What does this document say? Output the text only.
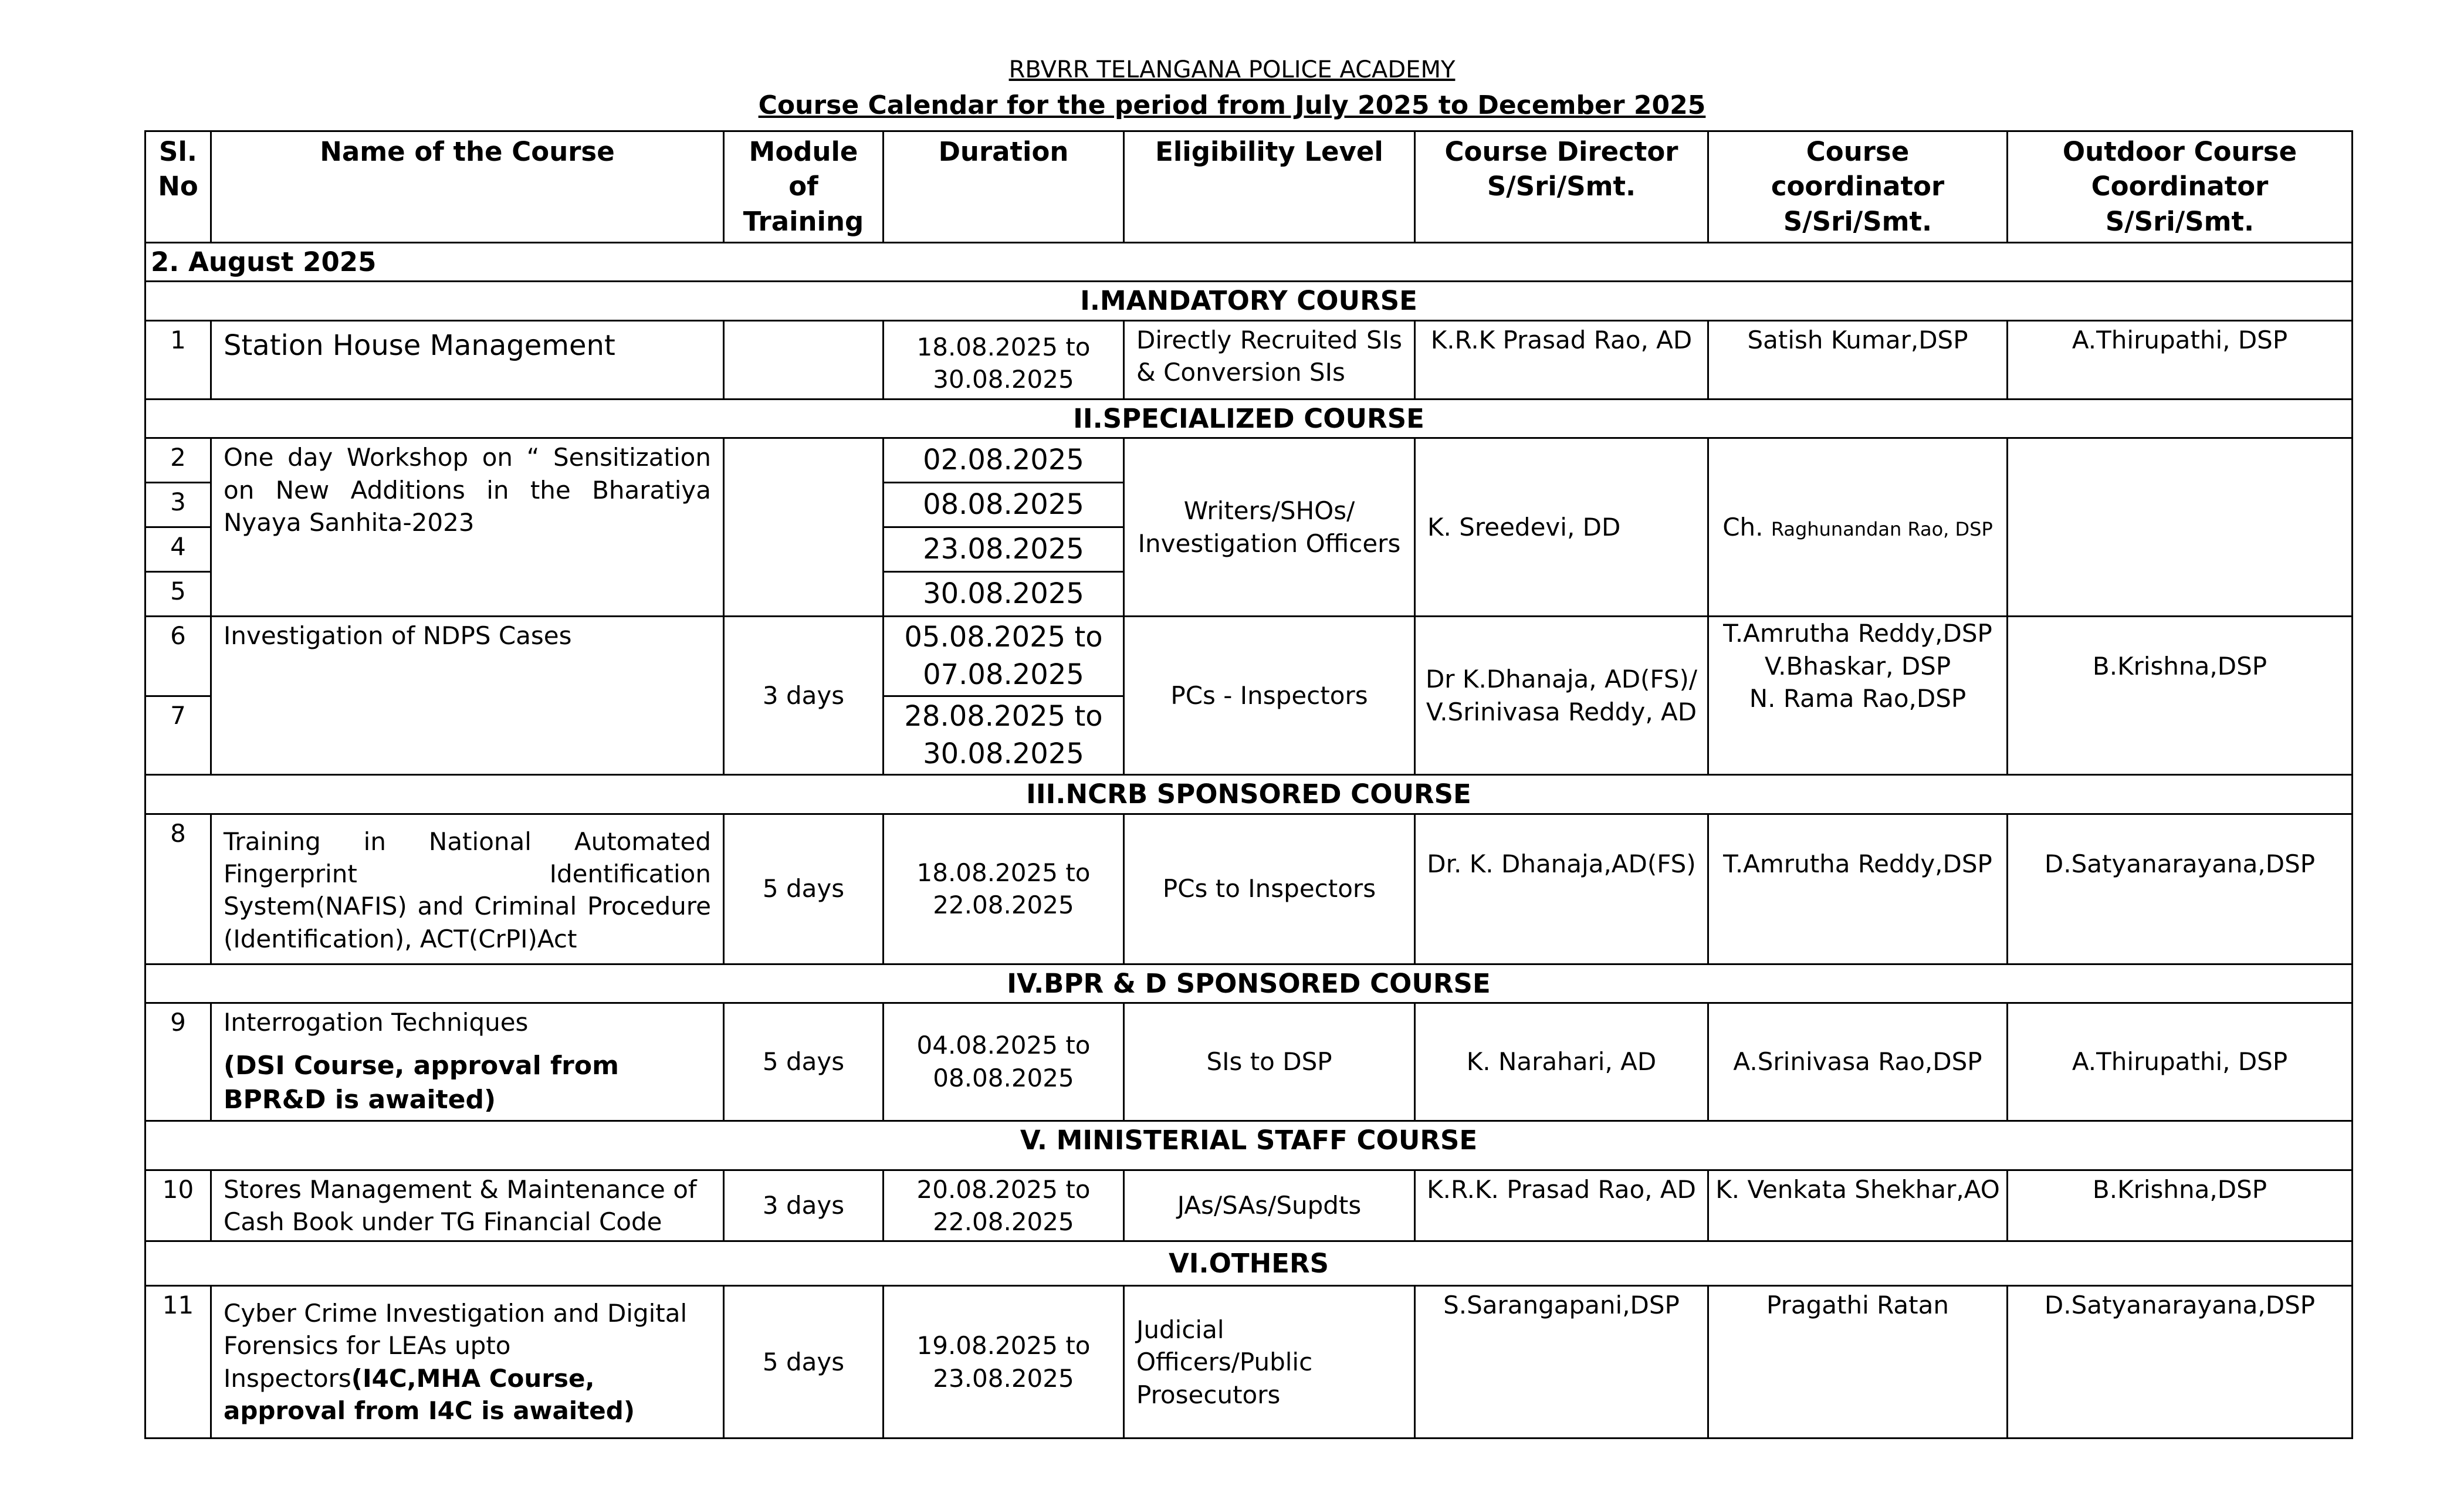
RBVRR TELANGANA POLICE ACADEMY
Course Calendar for the period from July 2025 to December 2025
Sl. No	Name of the Course	Module of Training	Duration	Eligibility Level	Course Director S/Sri/Smt.	Course coordinator S/Sri/Smt.	Outdoor Course Coordinator S/Sri/Smt.
2. August 2025							
I.MANDATORY COURSE							
1	Station House Management		18.08.2025 to 30.08.2025	Directly Recruited SIs & Conversion SIs	K.R.K Prasad Rao, AD	Satish Kumar,DSP	A.Thirupathi, DSP
II.SPECIALIZED COURSE							
2	One day Workshop on “ Sensitization on New Additions in the Bharatiya Nyaya Sanhita-2023		02.08.2025	Writers/SHOs/ Investigation Officers	K. Sreedevi, DD	Ch. Raghunandan Rao, DSP	
3			08.08.2025				
4			23.08.2025				
5			30.08.2025				
6	Investigation of NDPS Cases	3 days	05.08.2025 to 07.08.2025	PCs - Inspectors	Dr K.Dhanaja, AD(FS)/ V.Srinivasa Reddy, AD	T.Amrutha Reddy,DSP
V.Bhaskar, DSP
N. Rama Rao,DSP	B.Krishna,DSP
7			28.08.2025 to 30.08.2025				
III.NCRB SPONSORED COURSE							
8	Training in National Automated Fingerprint Identification System(NAFIS) and Criminal Procedure (Identification), ACT(CrPI)Act	5 days	18.08.2025 to 22.08.2025	PCs to Inspectors	Dr. K. Dhanaja,AD(FS)	T.Amrutha Reddy,DSP	D.Satyanarayana,DSP
IV.BPR & D SPONSORED COURSE							
9	Interrogation Techniques
(DSI Course, approval from BPR&D is awaited)	5 days	04.08.2025 to 08.08.2025	SIs to DSP	K. Narahari, AD	A.Srinivasa Rao,DSP	A.Thirupathi, DSP
V. MINISTERIAL STAFF COURSE							
10	Stores Management & Maintenance of Cash Book under TG Financial Code	3 days	20.08.2025 to 22.08.2025	JAs/SAs/Supdts	K.R.K. Prasad Rao, AD	K. Venkata Shekhar,AO	B.Krishna,DSP
VI.OTHERS							
11	Cyber Crime Investigation and Digital Forensics for LEAs upto Inspectors(I4C,MHA Course, approval from I4C is awaited)	5 days	19.08.2025 to 23.08.2025	Judicial Officers/Public Prosecutors	S.Sarangapani,DSP	Pragathi Ratan	D.Satyanarayana,DSP
